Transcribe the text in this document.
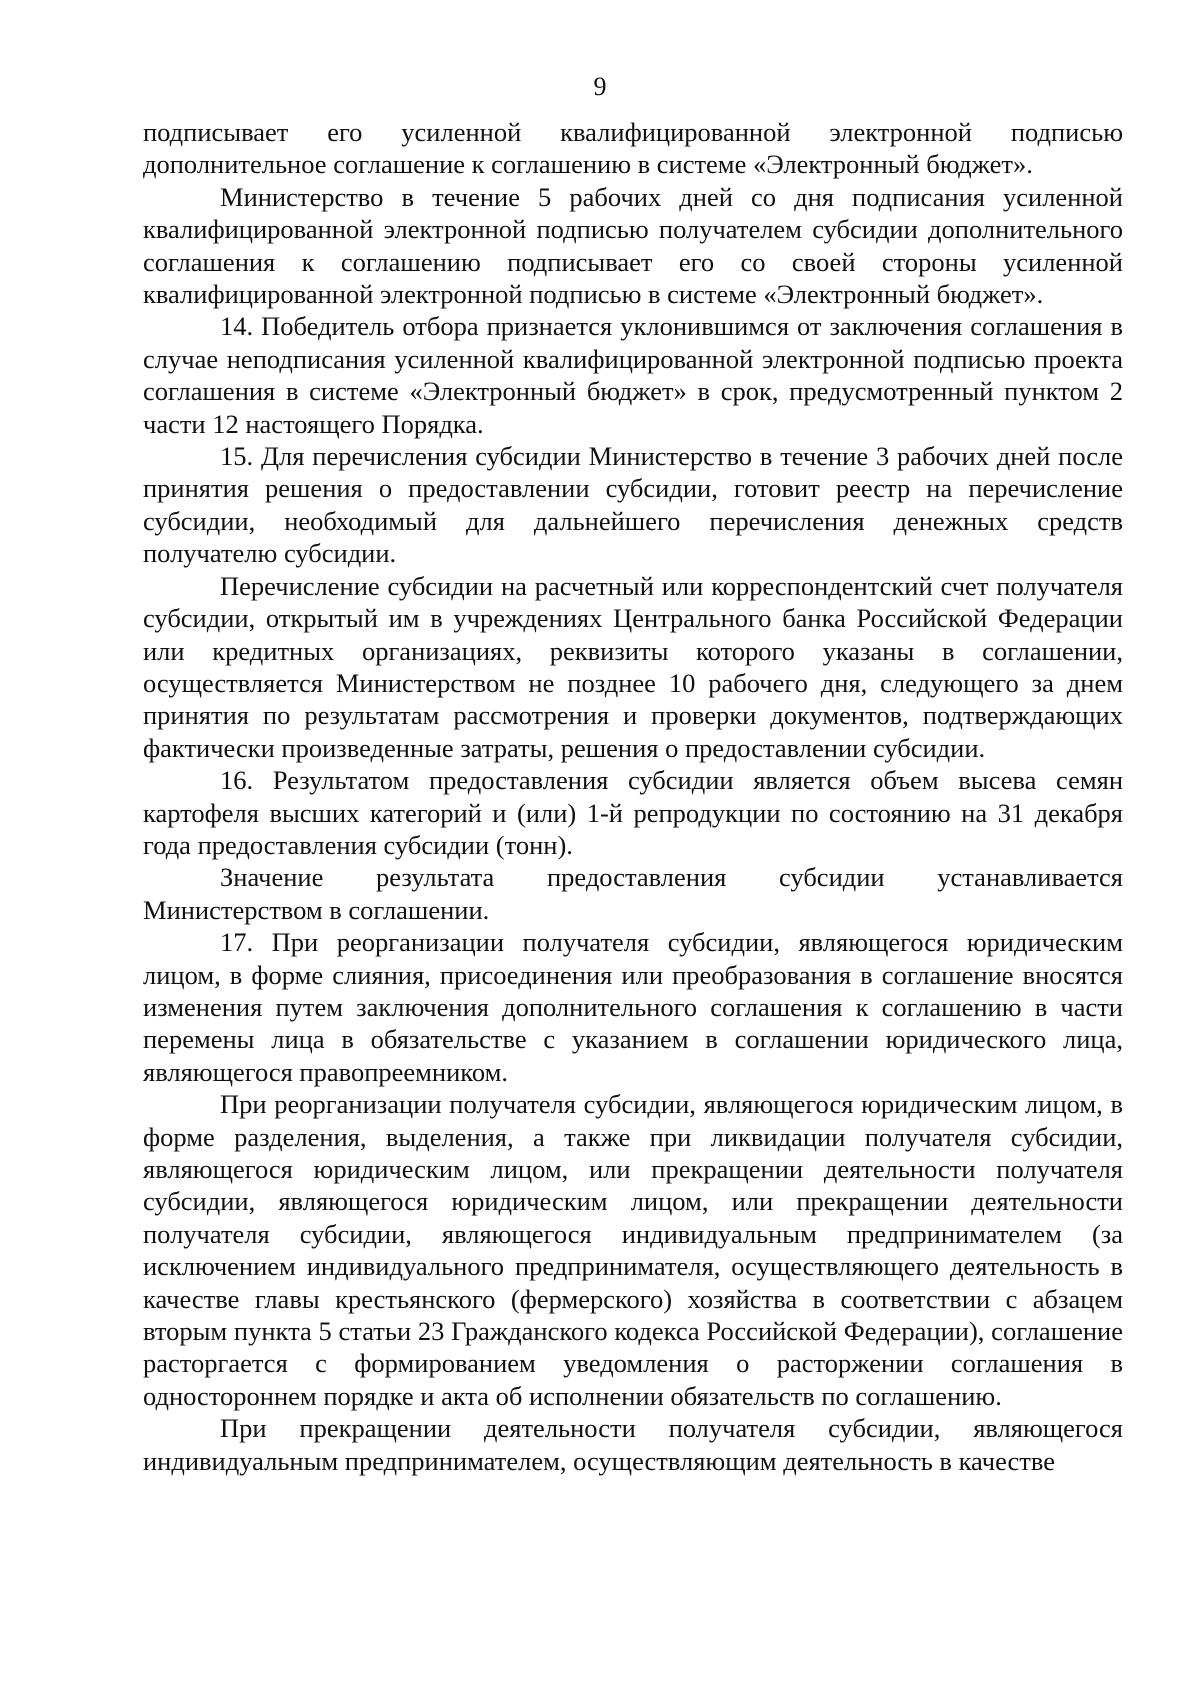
9

подписывает его усиленной квалифицированной электронной подписью дополнительное соглашение к соглашению в системе «Электронный бюджет».

Министерство в течение 5 рабочих дней со дня подписания усиленной квалифицированной электронной подписью получателем субсидии дополнительного соглашения к соглашению подписывает его со своей стороны усиленной квалифицированной электронной подписью в системе «Электронный бюджет».

14. Победитель отбора признается уклонившимся от заключения соглашения в случае неподписания усиленной квалифицированной электронной подписью проекта соглашения в системе «Электронный бюджет» в срок, предусмотренный пунктом 2 части 12 настоящего Порядка.

15. Для перечисления субсидии Министерство в течение 3 рабочих дней после принятия решения о предоставлении субсидии, готовит реестр на перечисление субсидии, необходимый для дальнейшего перечисления денежных средств получателю субсидии.

Перечисление субсидии на расчетный или корреспондентский счет получателя субсидии, открытый им в учреждениях Центрального банка Российской Федерации или кредитных организациях, реквизиты которого указаны в соглашении, осуществляется Министерством не позднее 10 рабочего дня, следующего за днем принятия по результатам рассмотрения и проверки документов, подтверждающих фактически произведенные затраты, решения о предоставлении субсидии.

16. Результатом предоставления субсидии является объем высева семян картофеля высших категорий и (или) 1-й репродукции по состоянию на 31 декабря года предоставления субсидии (тонн).

Значение результата предоставления субсидии устанавливается Министерством в соглашении.

17. При реорганизации получателя субсидии, являющегося юридическим лицом, в форме слияния, присоединения или преобразования в соглашение вносятся изменения путем заключения дополнительного соглашения к соглашению в части перемены лица в обязательстве с указанием в соглашении юридического лица, являющегося правопреемником.

При реорганизации получателя субсидии, являющегося юридическим лицом, в форме разделения, выделения, а также при ликвидации получателя субсидии, являющегося юридическим лицом, или прекращении деятельности получателя субсидии, являющегося юридическим лицом, или прекращении деятельности получателя субсидии, являющегося индивидуальным предпринимателем (за исключением индивидуального предпринимателя, осуществляющего деятельность в качестве главы крестьянского (фермерского) хозяйства в соответствии с абзацем вторым пункта 5 статьи 23 Гражданского кодекса Российской Федерации), соглашение расторгается с формированием уведомления о расторжении соглашения в одностороннем порядке и акта об исполнении обязательств по соглашению.

При прекращении деятельности получателя субсидии, являющегося индивидуальным предпринимателем, осуществляющим деятельность в качестве
